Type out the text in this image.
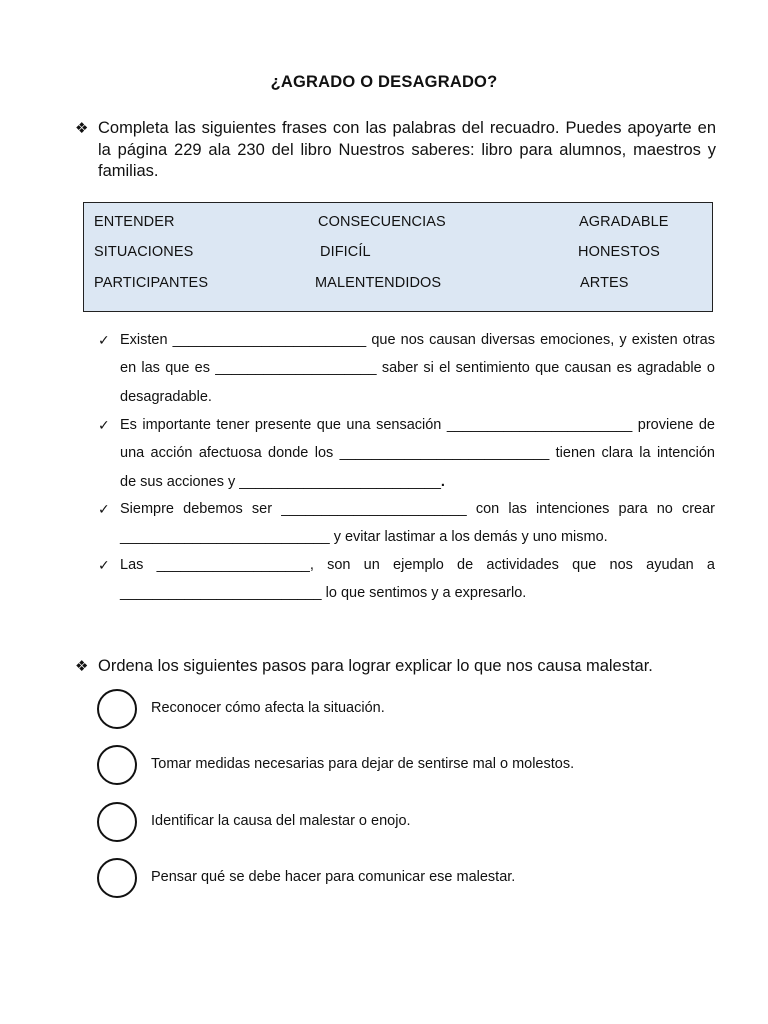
¿AGRADO O DESAGRADO?
❖ Completa las siguientes frases con las palabras del recuadro. Puedes apoyarte en la página 229 ala 230 del libro Nuestros saberes: libro para alumnos, maestros y familias.
ENTENDER	CONSECUENCIAS	AGRADABLE
SITUACIONES	DIFICÍL	HONESTOS
PARTICIPANTES	MALENTENDIDOS	ARTES
✓ Existen ________________________ que nos causan diversas emociones, y existen otras
en las que es ____________________ saber si el sentimiento que causan es agradable o
desagradable.
✓ Es importante tener presente que una sensación _______________________ proviene de
una acción afectuosa donde los __________________________ tienen clara la intención
de sus acciones y _________________________.
✓ Siempre debemos ser _______________________ con las intenciones para no crear
__________________________ y evitar lastimar a los demás y uno mismo.
✓ Las ___________________, son un ejemplo de actividades que nos ayudan a
_________________________ lo que sentimos y a expresarlo.
❖ Ordena los siguientes pasos para lograr explicar lo que nos causa malestar.
Reconocer cómo afecta la situación.
Tomar medidas necesarias para dejar de sentirse mal o molestos.
Identificar la causa del malestar o enojo.
Pensar qué se debe hacer para comunicar ese malestar.
